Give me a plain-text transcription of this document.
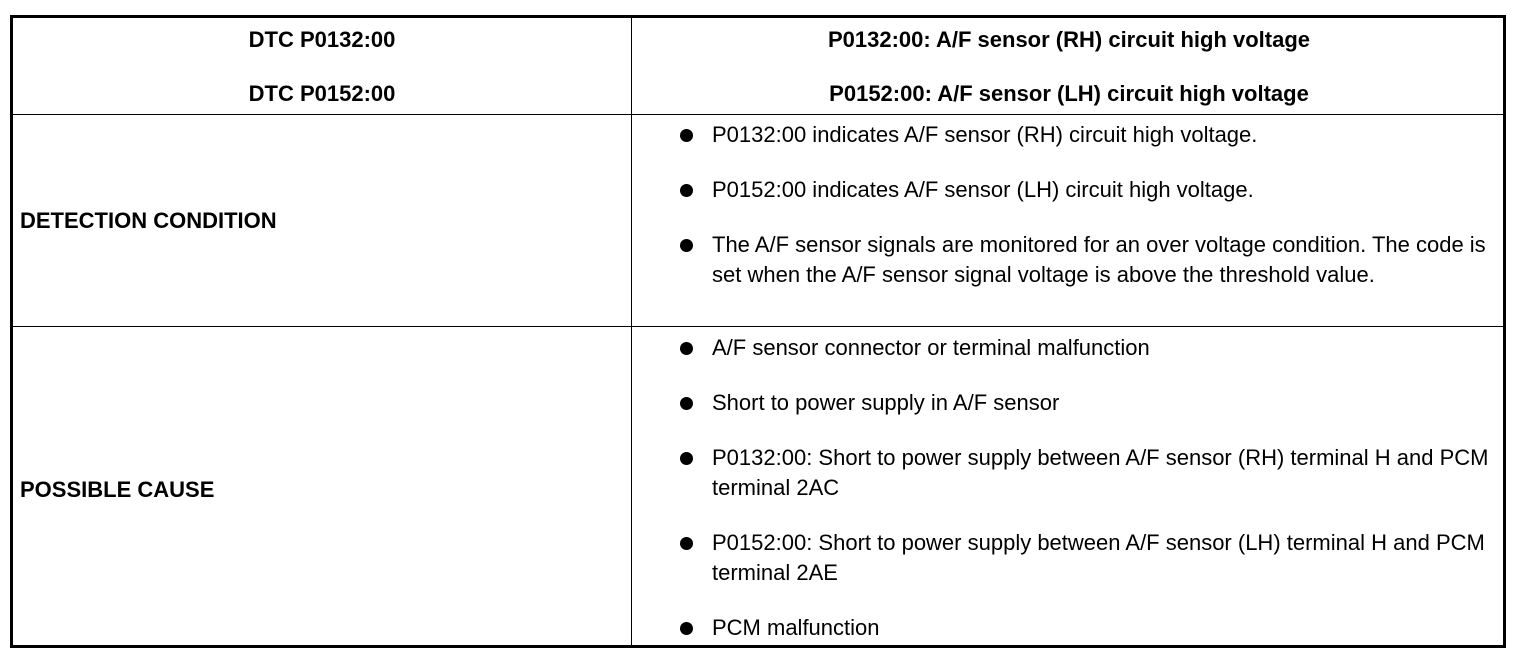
DTC P0132:00
DTC P0152:00
P0132:00: A/F sensor (RH) circuit high voltage
P0152:00: A/F sensor (LH) circuit high voltage
DETECTION CONDITION
P0132:00 indicates A/F sensor (RH) circuit high voltage.
P0152:00 indicates A/F sensor (LH) circuit high voltage.
The A/F sensor signals are monitored for an over voltage condition. The code is set when the A/F sensor signal voltage is above the threshold value.
POSSIBLE CAUSE
A/F sensor connector or terminal malfunction
Short to power supply in A/F sensor
P0132:00: Short to power supply between A/F sensor (RH) terminal H and PCM terminal 2AC
P0152:00: Short to power supply between A/F sensor (LH) terminal H and PCM terminal 2AE
PCM malfunction
